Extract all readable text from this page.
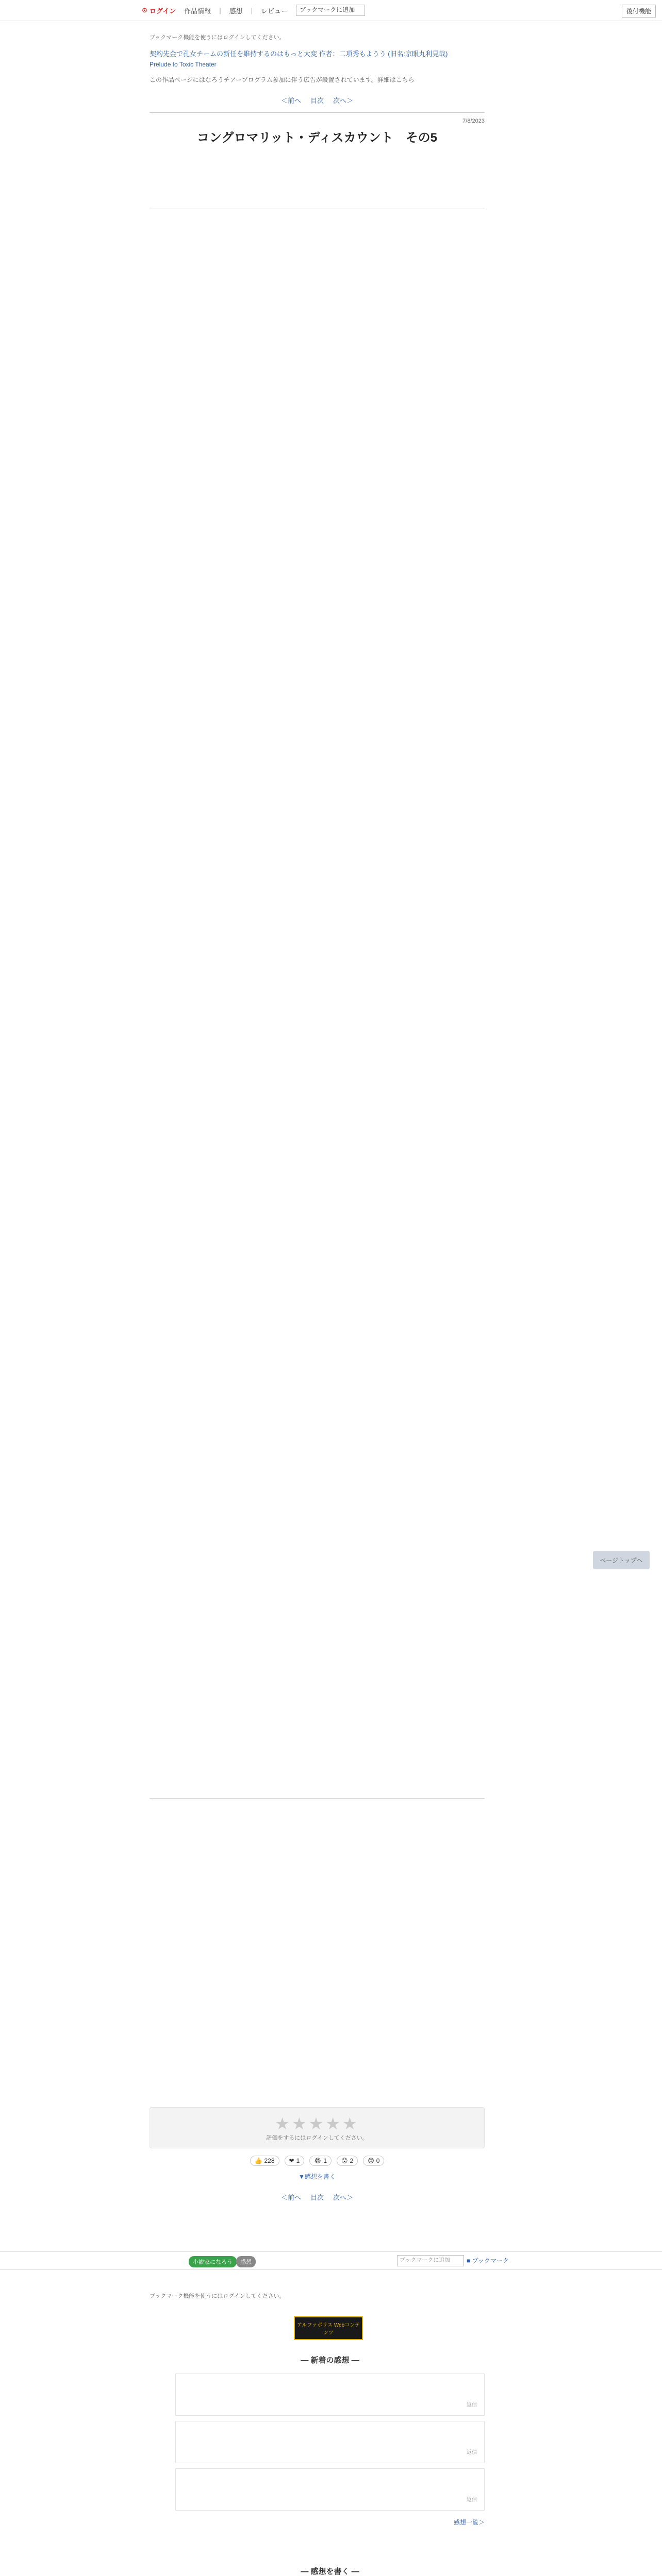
⊙ ログイン 作品情報 | 感想 | レビュー	ブックマークに追加	後付機能
ブックマーク機能を使うにはログインしてください。
契約先金で孔女チームの新任を維持するのはもっと大変 作者：二項秀もようう (旧名:京眼丸利見哉)
Prelude to Toxic Theater
この作品ページにはなろうチアープログラム参加に伴う広告が設置されています。詳細はこちら
＜前へ 目次 次へ＞
7/8/2023
コングロマリット・ディスカウント　その5
★★★★★
評価をするにはログインしてください。
👍 228	❤ 1	😂 1	😮 2	😢 0
▼感想を書く
＜前へ 目次 次へ＞
ページトップへ
小説家になろう	感想	ブックマークに追加	■ ブックマーク
ブックマーク機能を使うにはログインしてください。
アルファポリス Webコンテンツ
― 新着の感想 ―
返信
返信
返信
感想一覧＞
― 感想を書く ―
